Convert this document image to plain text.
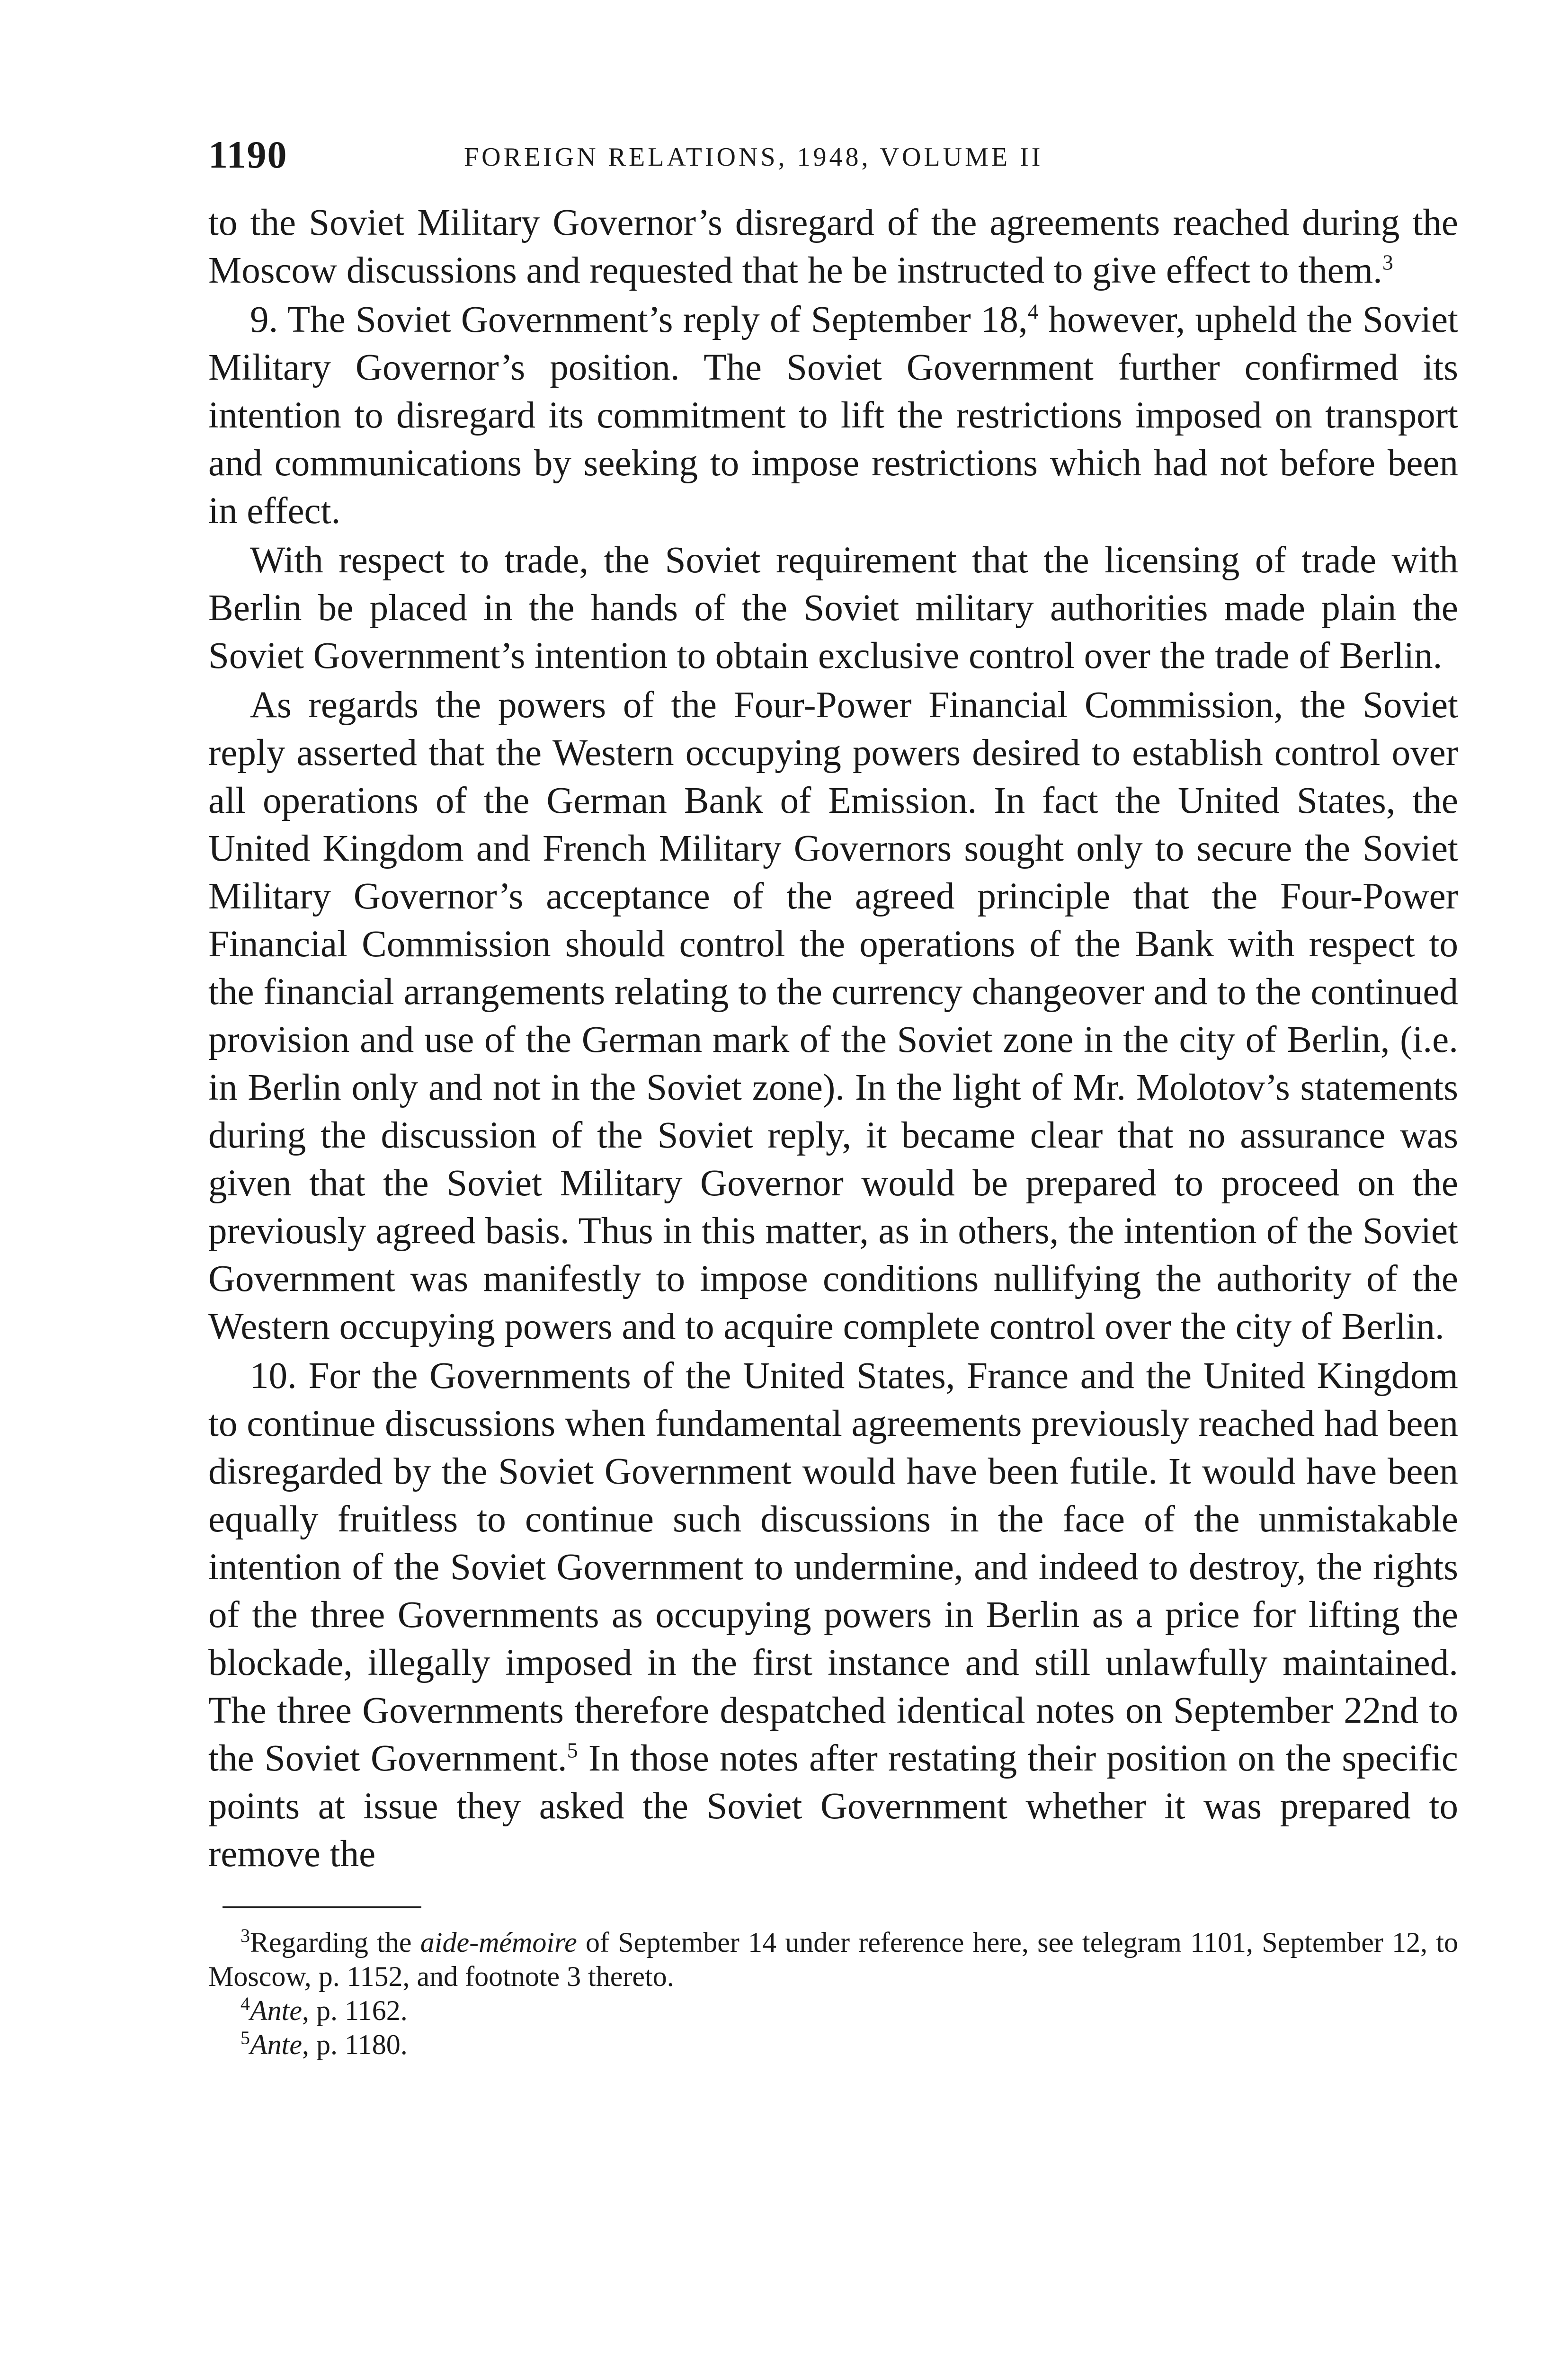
1190	FOREIGN RELATIONS, 1948, VOLUME II

to the Soviet Military Governor’s disregard of the agreements reached during the Moscow discussions and requested that he be instructed to give effect to them.$^3$

9. The Soviet Government’s reply of September 18,$^4$ however, upheld the Soviet Military Governor’s position. The Soviet Government further confirmed its intention to disregard its commitment to lift the restrictions imposed on transport and communications by seeking to impose restrictions which had not before been in effect.

With respect to trade, the Soviet requirement that the licensing of trade with Berlin be placed in the hands of the Soviet military authorities made plain the Soviet Government’s intention to obtain exclusive control over the trade of Berlin.

As regards the powers of the Four-Power Financial Commission, the Soviet reply asserted that the Western occupying powers desired to establish control over all operations of the German Bank of Emission. In fact the United States, the United Kingdom and French Military Governors sought only to secure the Soviet Military Governor’s acceptance of the agreed principle that the Four-Power Financial Commission should control the operations of the Bank with respect to the financial arrangements relating to the currency changeover and to the continued provision and use of the German mark of the Soviet zone in the city of Berlin, (i.e. in Berlin only and not in the Soviet zone). In the light of Mr. Molotov’s statements during the discussion of the Soviet reply, it became clear that no assurance was given that the Soviet Military Governor would be prepared to proceed on the previously agreed basis. Thus in this matter, as in others, the intention of the Soviet Government was manifestly to impose conditions nullifying the authority of the Western occupying powers and to acquire complete control over the city of Berlin.

10. For the Governments of the United States, France and the United Kingdom to continue discussions when fundamental agreements previously reached had been disregarded by the Soviet Government would have been futile. It would have been equally fruitless to continue such discussions in the face of the unmistakable intention of the Soviet Government to undermine, and indeed to destroy, the rights of the three Governments as occupying powers in Berlin as a price for lifting the blockade, illegally imposed in the first instance and still unlawfully maintained. The three Governments therefore despatched identical notes on September 22nd to the Soviet Government.$^5$ In those notes after restating their position on the specific points at issue they asked the Soviet Government whether it was prepared to remove the

$^3$Regarding the aide-mémoire of September 14 under reference here, see telegram 1101, September 12, to Moscow, p. 1152, and footnote 3 thereto.

$^4$Ante, p. 1162.

$^5$Ante, p. 1180.
